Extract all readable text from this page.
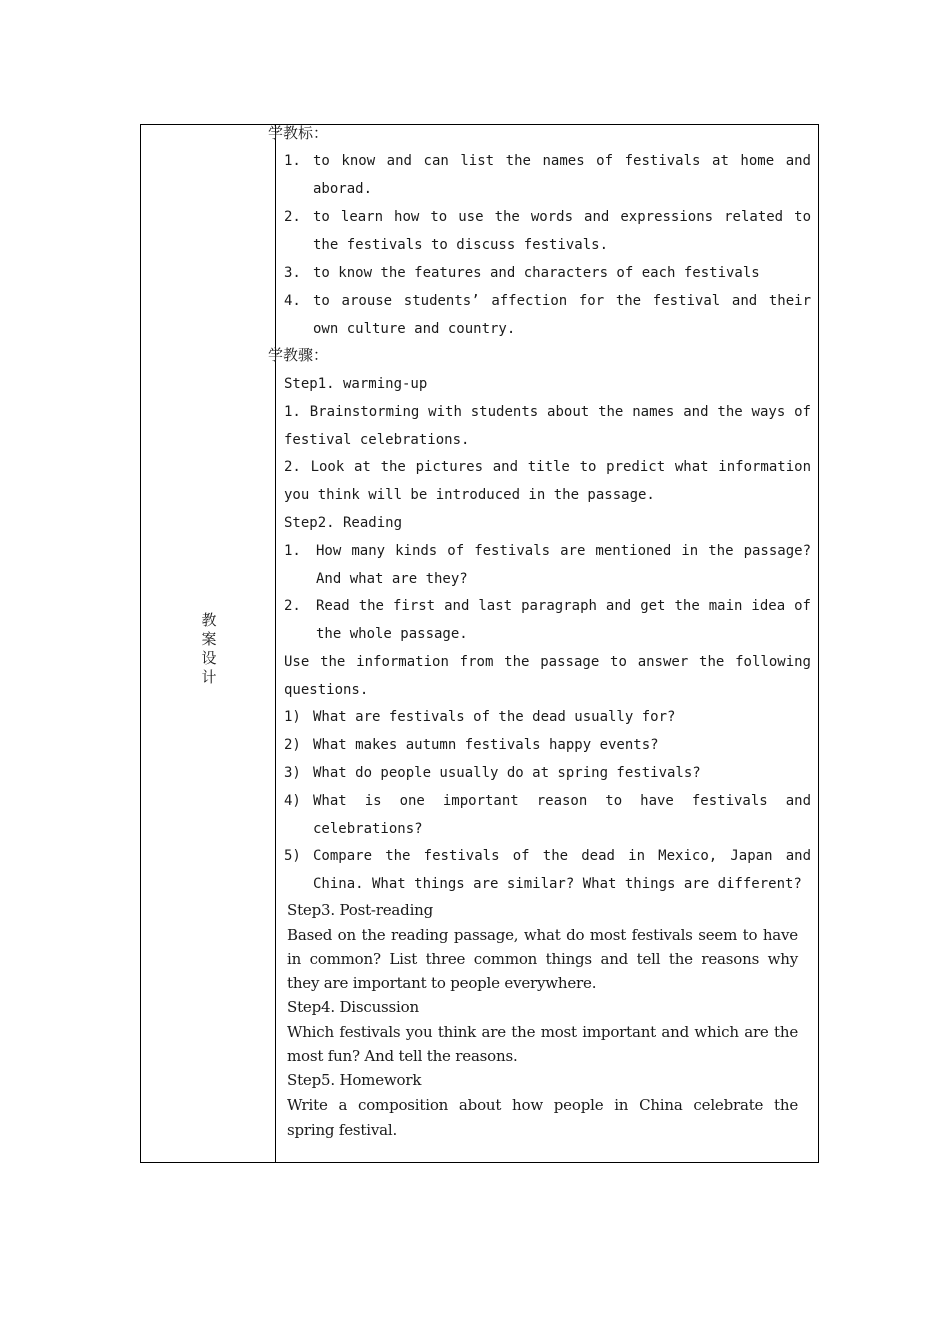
教
案
设
计
学教标：
1. to know and can list the names of festivals at home and
aborad.
2. to learn how to use the words and expressions related to
the festivals to discuss festivals.
3. to know the features and characters of each festivals
4. to arouse students’ affection for the festival and their
own culture and country.
学教骤：
Step1. warming-up
1. Brainstorming with students about the names and the ways of
festival celebrations.
2. Look at the pictures and title to predict what information
you think will be introduced in the passage.
Step2. Reading
1. How many kinds of festivals are mentioned in the passage?
And what are they?
2. Read the first and last paragraph and get the main idea of
the whole passage.
Use the information from the passage to answer the following
questions.
1) What are festivals of the dead usually for?
2) What makes autumn festivals happy events?
3) What do people usually do at spring festivals?
4) What is one important reason to have festivals and
celebrations?
5) Compare the festivals of the dead in Mexico, Japan and
China. What things are similar? What things are different?
Step3. Post-reading
Based on the reading passage, what do most festivals seem to have
in common? List three common things and tell the reasons why
they are important to people everywhere.
Step4. Discussion
Which festivals you think are the most important and which are the
most fun? And tell the reasons.
Step5. Homework
Write a composition about how people in China celebrate the
spring festival.
